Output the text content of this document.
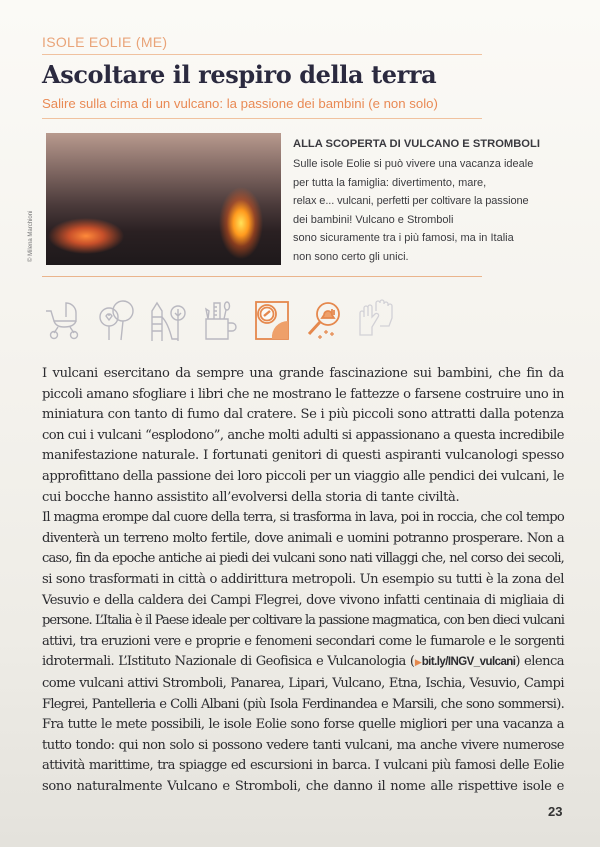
ISOLE EOLIE (ME)
Ascoltare il respiro della terra
Salire sulla cima di un vulcano: la passione dei bambini (e non solo)
© Milena Marchioni
ALLA SCOPERTA DI VULCANO E STROMBOLI
Sulle isole Eolie si può vivere una vacanza ideale
per tutta la famiglia: divertimento, mare,
relax e... vulcani, perfetti per coltivare la passione
dei bambini! Vulcano e Stromboli
sono sicuramente tra i più famosi, ma in Italia
non sono certo gli unici.
I vulcani esercitano da sempre una grande fascinazione sui bambini, che fin da
piccoli amano sfogliare i libri che ne mostrano le fattezze o farsene costruire uno in
miniatura con tanto di fumo dal cratere. Se i più piccoli sono attratti dalla potenza
con cui i vulcani “esplodono”, anche molti adulti si appassionano a questa incredibile
manifestazione naturale. I fortunati genitori di questi aspiranti vulcanologi spesso
approfittano della passione dei loro piccoli per un viaggio alle pendici dei vulcani, le
cui bocche hanno assistito all’evolversi della storia di tante civiltà.
Il magma erompe dal cuore della terra, si trasforma in lava, poi in roccia, che col tempo
diventerà un terreno molto fertile, dove animali e uomini potranno prosperare. Non a
caso, fin da epoche antiche ai piedi dei vulcani sono nati villaggi che, nel corso dei secoli,
si sono trasformati in città o addirittura metropoli. Un esempio su tutti è la zona del
Vesuvio e della caldera dei Campi Flegrei, dove vivono infatti centinaia di migliaia di
persone. L’Italia è il Paese ideale per coltivare la passione magmatica, con ben dieci vulcani
attivi, tra eruzioni vere e proprie e fenomeni secondari come le fumarole e le sorgenti
idrotermali. L’Istituto Nazionale di Geofisica e Vulcanologia (▶bit.ly/INGV_vulcani) elenca
come vulcani attivi Stromboli, Panarea, Lipari, Vulcano, Etna, Ischia, Vesuvio, Campi
Flegrei, Pantelleria e Colli Albani (più Isola Ferdinandea e Marsili, che sono sommersi).
Fra tutte le mete possibili, le isole Eolie sono forse quelle migliori per una vacanza a
tutto tondo: qui non solo si possono vedere tanti vulcani, ma anche vivere numerose
attività marittime, tra spiagge ed escursioni in barca. I vulcani più famosi delle Eolie
sono naturalmente Vulcano e Stromboli, che danno il nome alle rispettive isole e
23
